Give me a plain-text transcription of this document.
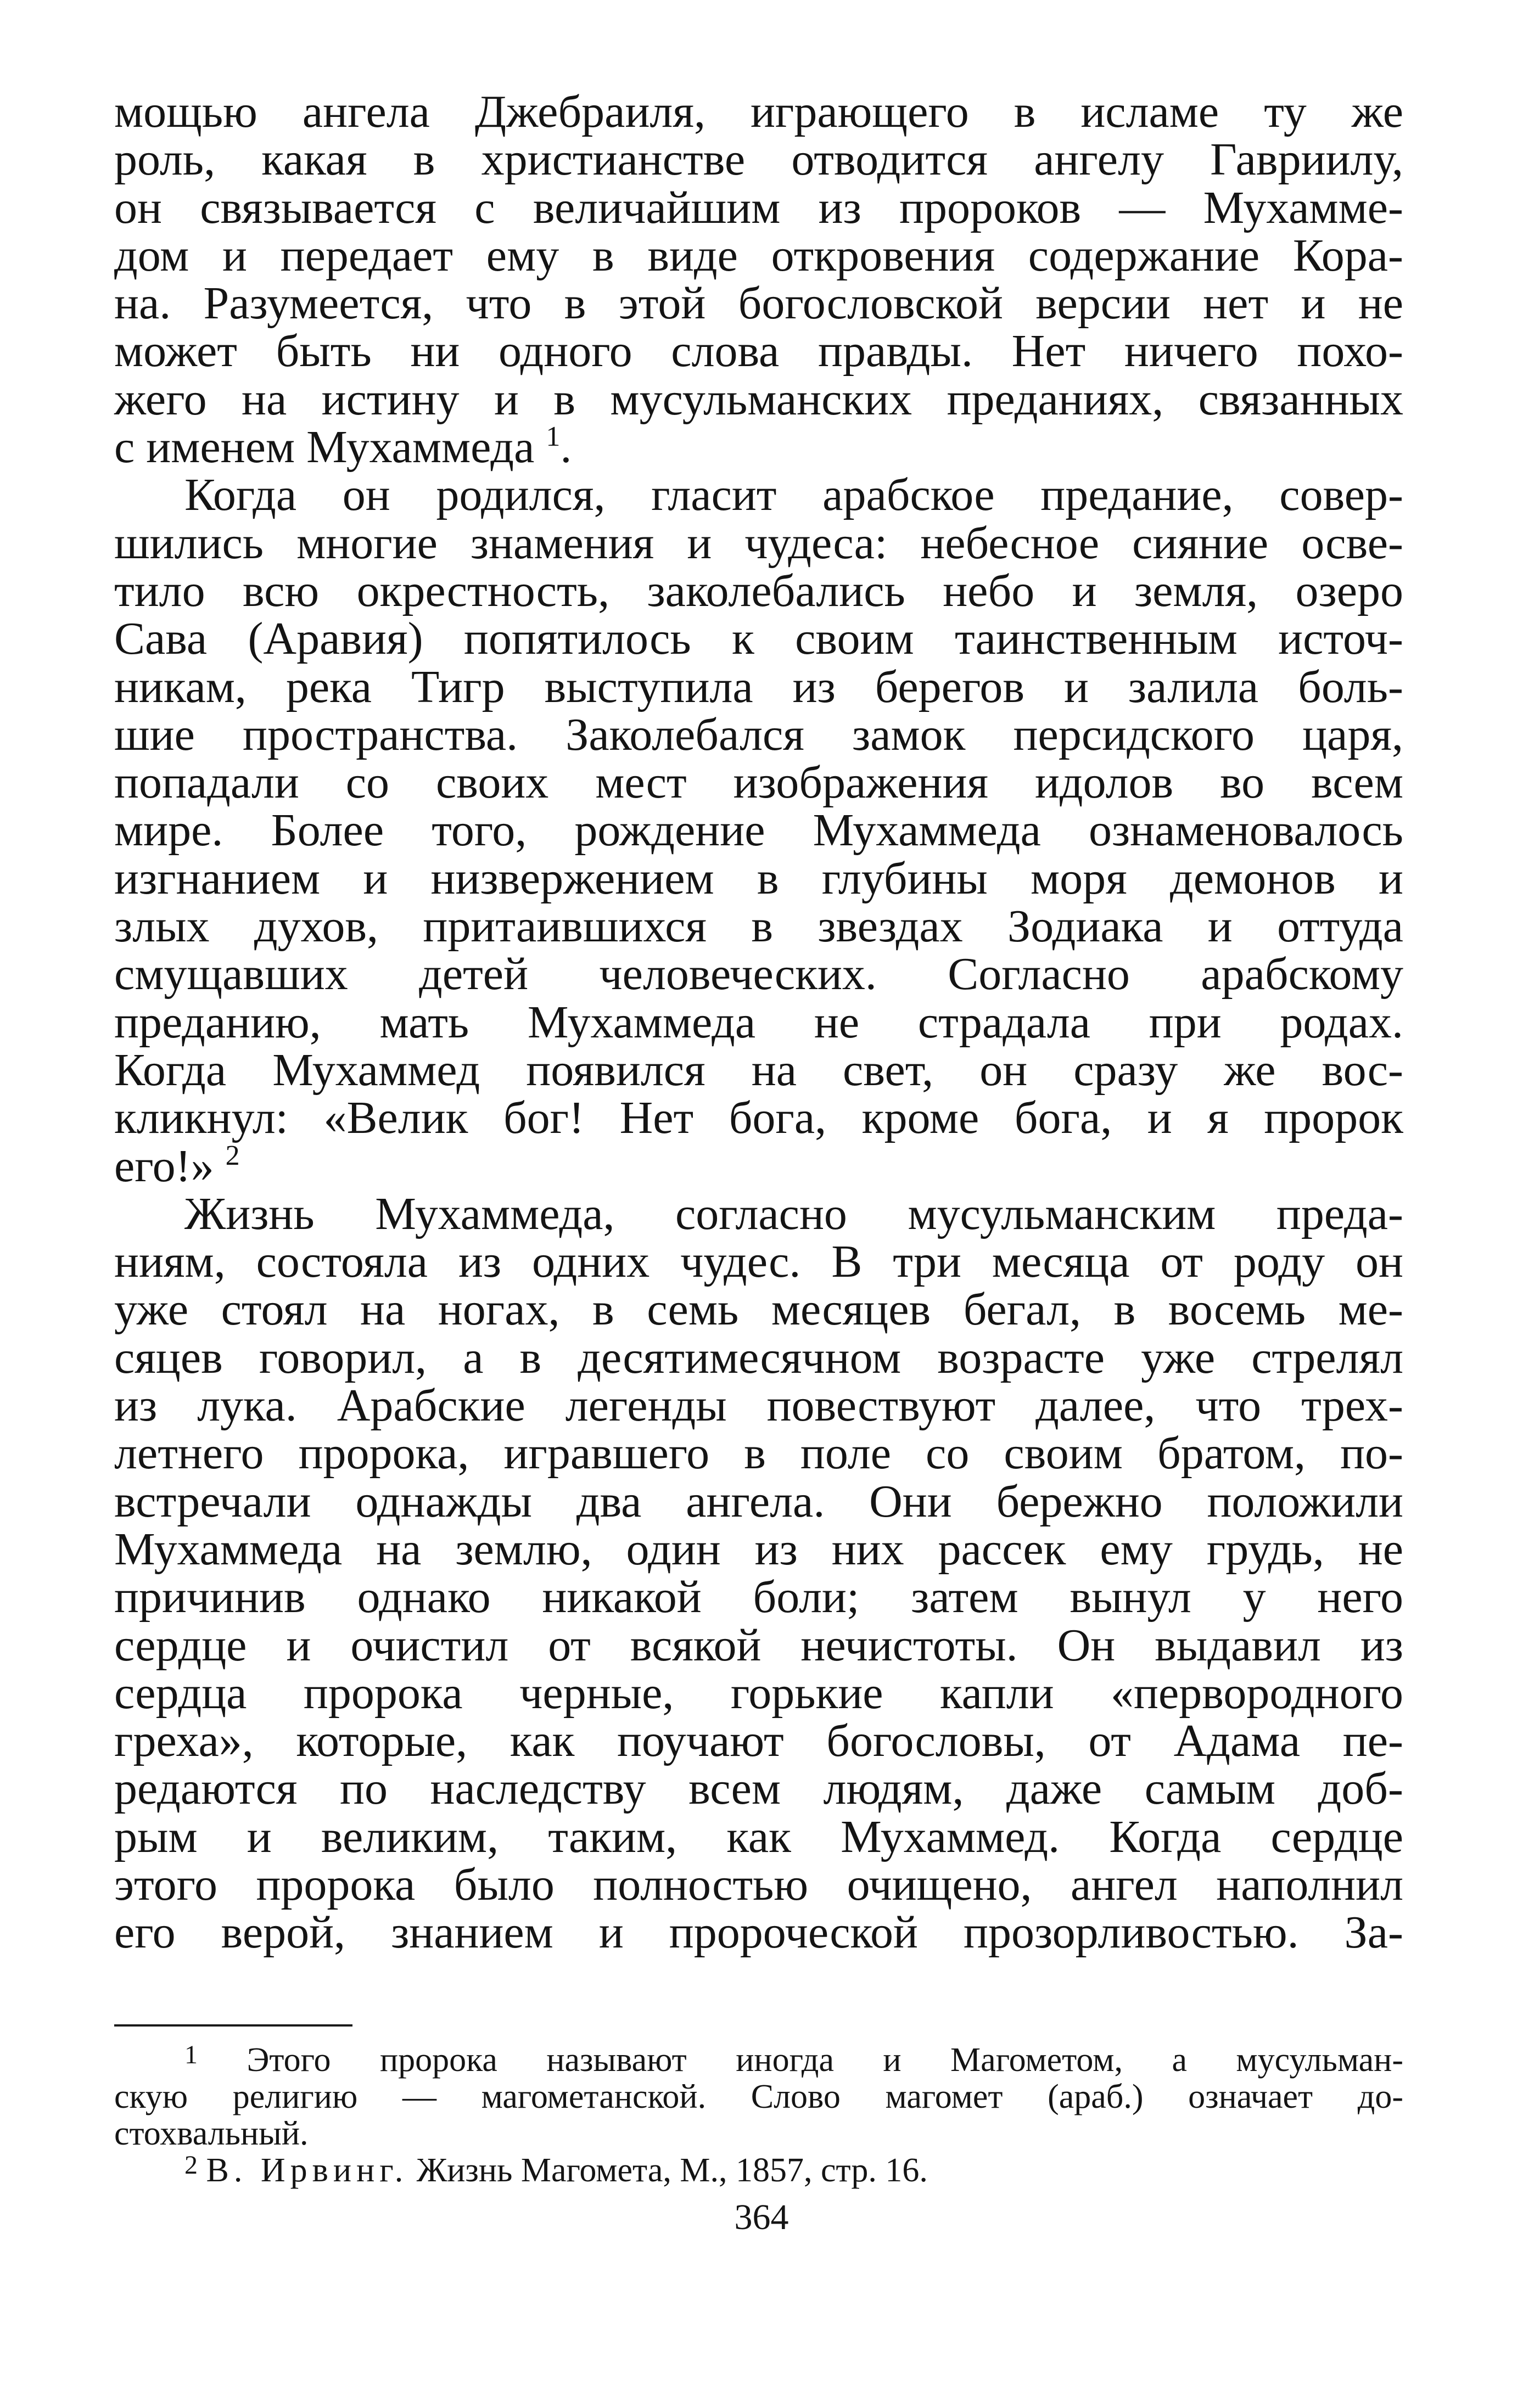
мощью ангела Джебраиля, играющего в исламе ту же
роль, какая в христианстве отводится ангелу Гавриилу,
он связывается с величайшим из пророков — Мухамме-
дом и передает ему в виде откровения содержание Кора-
на. Разумеется, что в этой богословской версии нет и не
может быть ни одного слова правды. Нет ничего похо-
жего на истину и в мусульманских преданиях, связанных
с именем Мухаммеда $^1$.
Когда он родился, гласит арабское предание, совер-
шились многие знамения и чудеса: небесное сияние осве-
тило всю окрестность, заколебались небо и земля, озеро
Сава (Аравия) попятилось к своим таинственным источ-
никам, река Тигр выступила из берегов и залила боль-
шие пространства. Заколебался замок персидского царя,
попадали со своих мест изображения идолов во всем
мире. Более того, рождение Мухаммеда ознаменовалось
изгнанием и низвержением в глубины моря демонов и
злых духов, притаившихся в звездах Зодиака и оттуда
смущавших детей человеческих. Согласно арабскому
преданию, мать Мухаммеда не страдала при родах.
Когда Мухаммед появился на свет, он сразу же вос-
кликнул: «Велик бог! Нет бога, кроме бога, и я пророк
его!» $^2$
Жизнь Мухаммеда, согласно мусульманским преда-
ниям, состояла из одних чудес. В три месяца от роду он
уже стоял на ногах, в семь месяцев бегал, в восемь ме-
сяцев говорил, а в десятимесячном возрасте уже стрелял
из лука. Арабские легенды повествуют далее, что трех-
летнего пророка, игравшего в поле со своим братом, по-
встречали однажды два ангела. Они бережно положили
Мухаммеда на землю, один из них рассек ему грудь, не
причинив однако никакой боли; затем вынул у него
сердце и очистил от всякой нечистоты. Он выдавил из
сердца пророка черные, горькие капли «первородного
греха», которые, как поучают богословы, от Адама пе-
редаются по наследству всем людям, даже самым доб-
рым и великим, таким, как Мухаммед. Когда сердце
этого пророка было полностью очищено, ангел наполнил
его верой, знанием и пророческой прозорливостью. За-
$^1$ Этого пророка называют иногда и Магометом, а мусульман-
скую религию — магометанской. Слово магомет (араб.) означает до-
стохвальный.
$^2$ В. Ирвинг. Жизнь Магомета, М., 1857, стр. 16.
364
